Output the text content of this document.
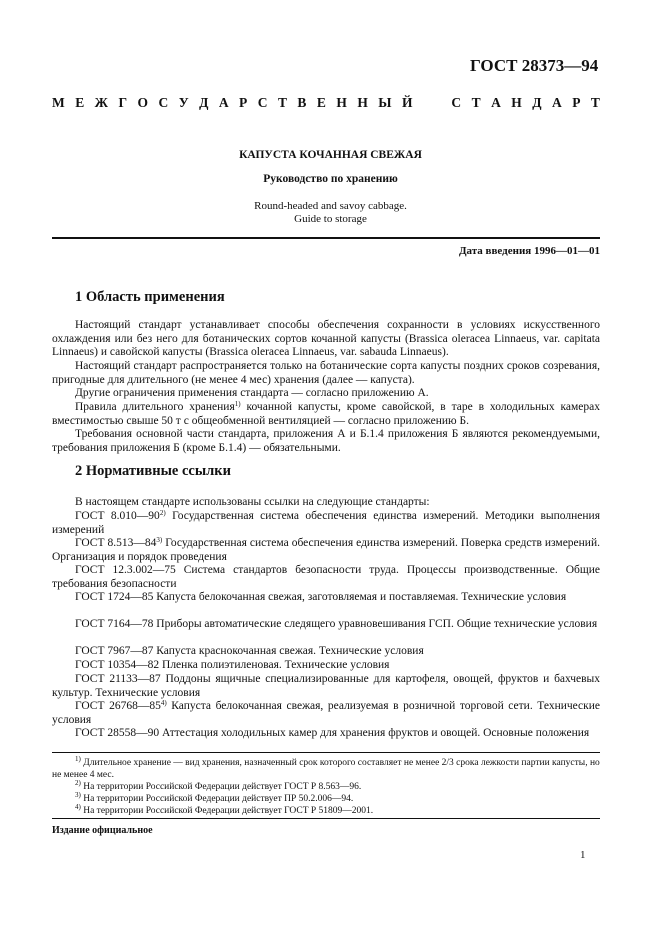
ГОСТ 28373—94
М Е Ж Г О С У Д А Р С Т В Е Н Н Ы Й	С Т А Н Д А Р Т
КАПУСТА КОЧАННАЯ СВЕЖАЯ
Руководство по хранению
Round-headed and savoy cabbage.
Guide to storage
Дата введения 1996—01—01
1 Область применения

Настоящий стандарт устанавливает способы обеспечения сохранности в условиях искусственного охлаждения или без него для ботанических сортов кочанной капусты (Brassica oleracea Linnaeus, var. capitata Linnaeus) и савойской капусты (Brassica oleracea Linnaeus, var. sabauda Linnaeus).

Настоящий стандарт распространяется только на ботанические сорта капусты поздних сроков созревания, пригодные для длительного (не менее 4 мес) хранения (далее — капуста).

Другие ограничения применения стандарта — согласно приложению А.

Правила длительного хранения$^{1)}$ кочанной капусты, кроме савойской, в таре в холодильных камерах вместимостью свыше 50 т с общеобменной вентиляцией — согласно приложению Б.

Требования основной части стандарта, приложения А и Б.1.4 приложения Б являются рекомендуемыми, требования приложения Б (кроме Б.1.4) — обязательными.

2 Нормативные ссылки

В настоящем стандарте использованы ссылки на следующие стандарты:

ГОСТ 8.010—90$^{2)}$ Государственная система обеспечения единства измерений. Методики выполнения измерений

ГОСТ 8.513—84$^{3)}$ Государственная система обеспечения единства измерений. Поверка средств измерений. Организация и порядок проведения

ГОСТ 12.3.002—75 Система стандартов безопасности труда. Процессы производственные. Общие требования безопасности

ГОСТ 1724—85 Капуста белокочанная свежая, заготовляемая и поставляемая. Технические условия

ГОСТ 7164—78 Приборы автоматические следящего уравновешивания ГСП. Общие технические условия

ГОСТ 7967—87 Капуста краснокочанная свежая. Технические условия

ГОСТ 10354—82 Пленка полиэтиленовая. Технические условия

ГОСТ 21133—87 Поддоны ящичные специализированные для картофеля, овощей, фруктов и бахчевых культур. Технические условия

ГОСТ 26768—85$^{4)}$ Капуста белокочанная свежая, реализуемая в розничной торговой сети. Технические условия

ГОСТ 28558—90 Аттестация холодильных камер для хранения фруктов и овощей. Основные положения

$^{1)}$ Длительное хранение — вид хранения, назначенный срок которого составляет не менее 2/3 срока лежкости партии капусты, но не менее 4 мес.

$^{2)}$ На территории Российской Федерации действует ГОСТ Р 8.563—96.

$^{3)}$ На территории Российской Федерации действует ПР 50.2.006—94.

$^{4)}$ На территории Российской Федерации действует ГОСТ Р 51809—2001.

Издание официальное
1
